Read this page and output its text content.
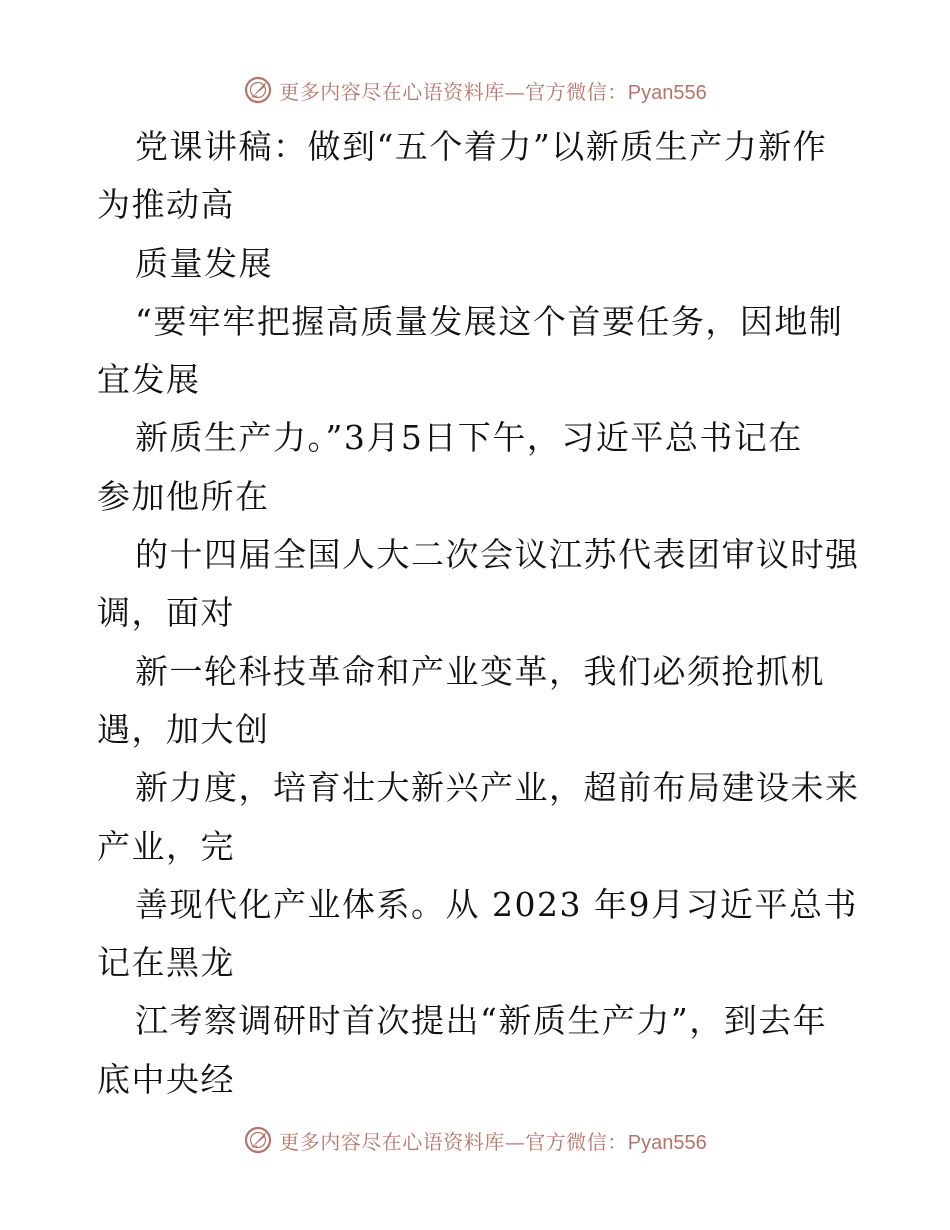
更多内容尽在心语资料库—官方微信：Pyan556
党课讲稿：做到“五个着力”以新质生产力新作
为推动高
质量发展
“要牢牢把握高质量发展这个首要任务，因地制
宜发展
新质生产力。”3月5日下午，习近平总书记在
参加他所在
的十四届全国人大二次会议江苏代表团审议时强
调，面对
新一轮科技革命和产业变革，我们必须抢抓机
遇，加大创
新力度，培育壮大新兴产业，超前布局建设未来
产业，完
善现代化产业体系。从 2023 年9月习近平总书
记在黑龙
江考察调研时首次提出“新质生产力”，到去年
底中央经
更多内容尽在心语资料库—官方微信：Pyan556
